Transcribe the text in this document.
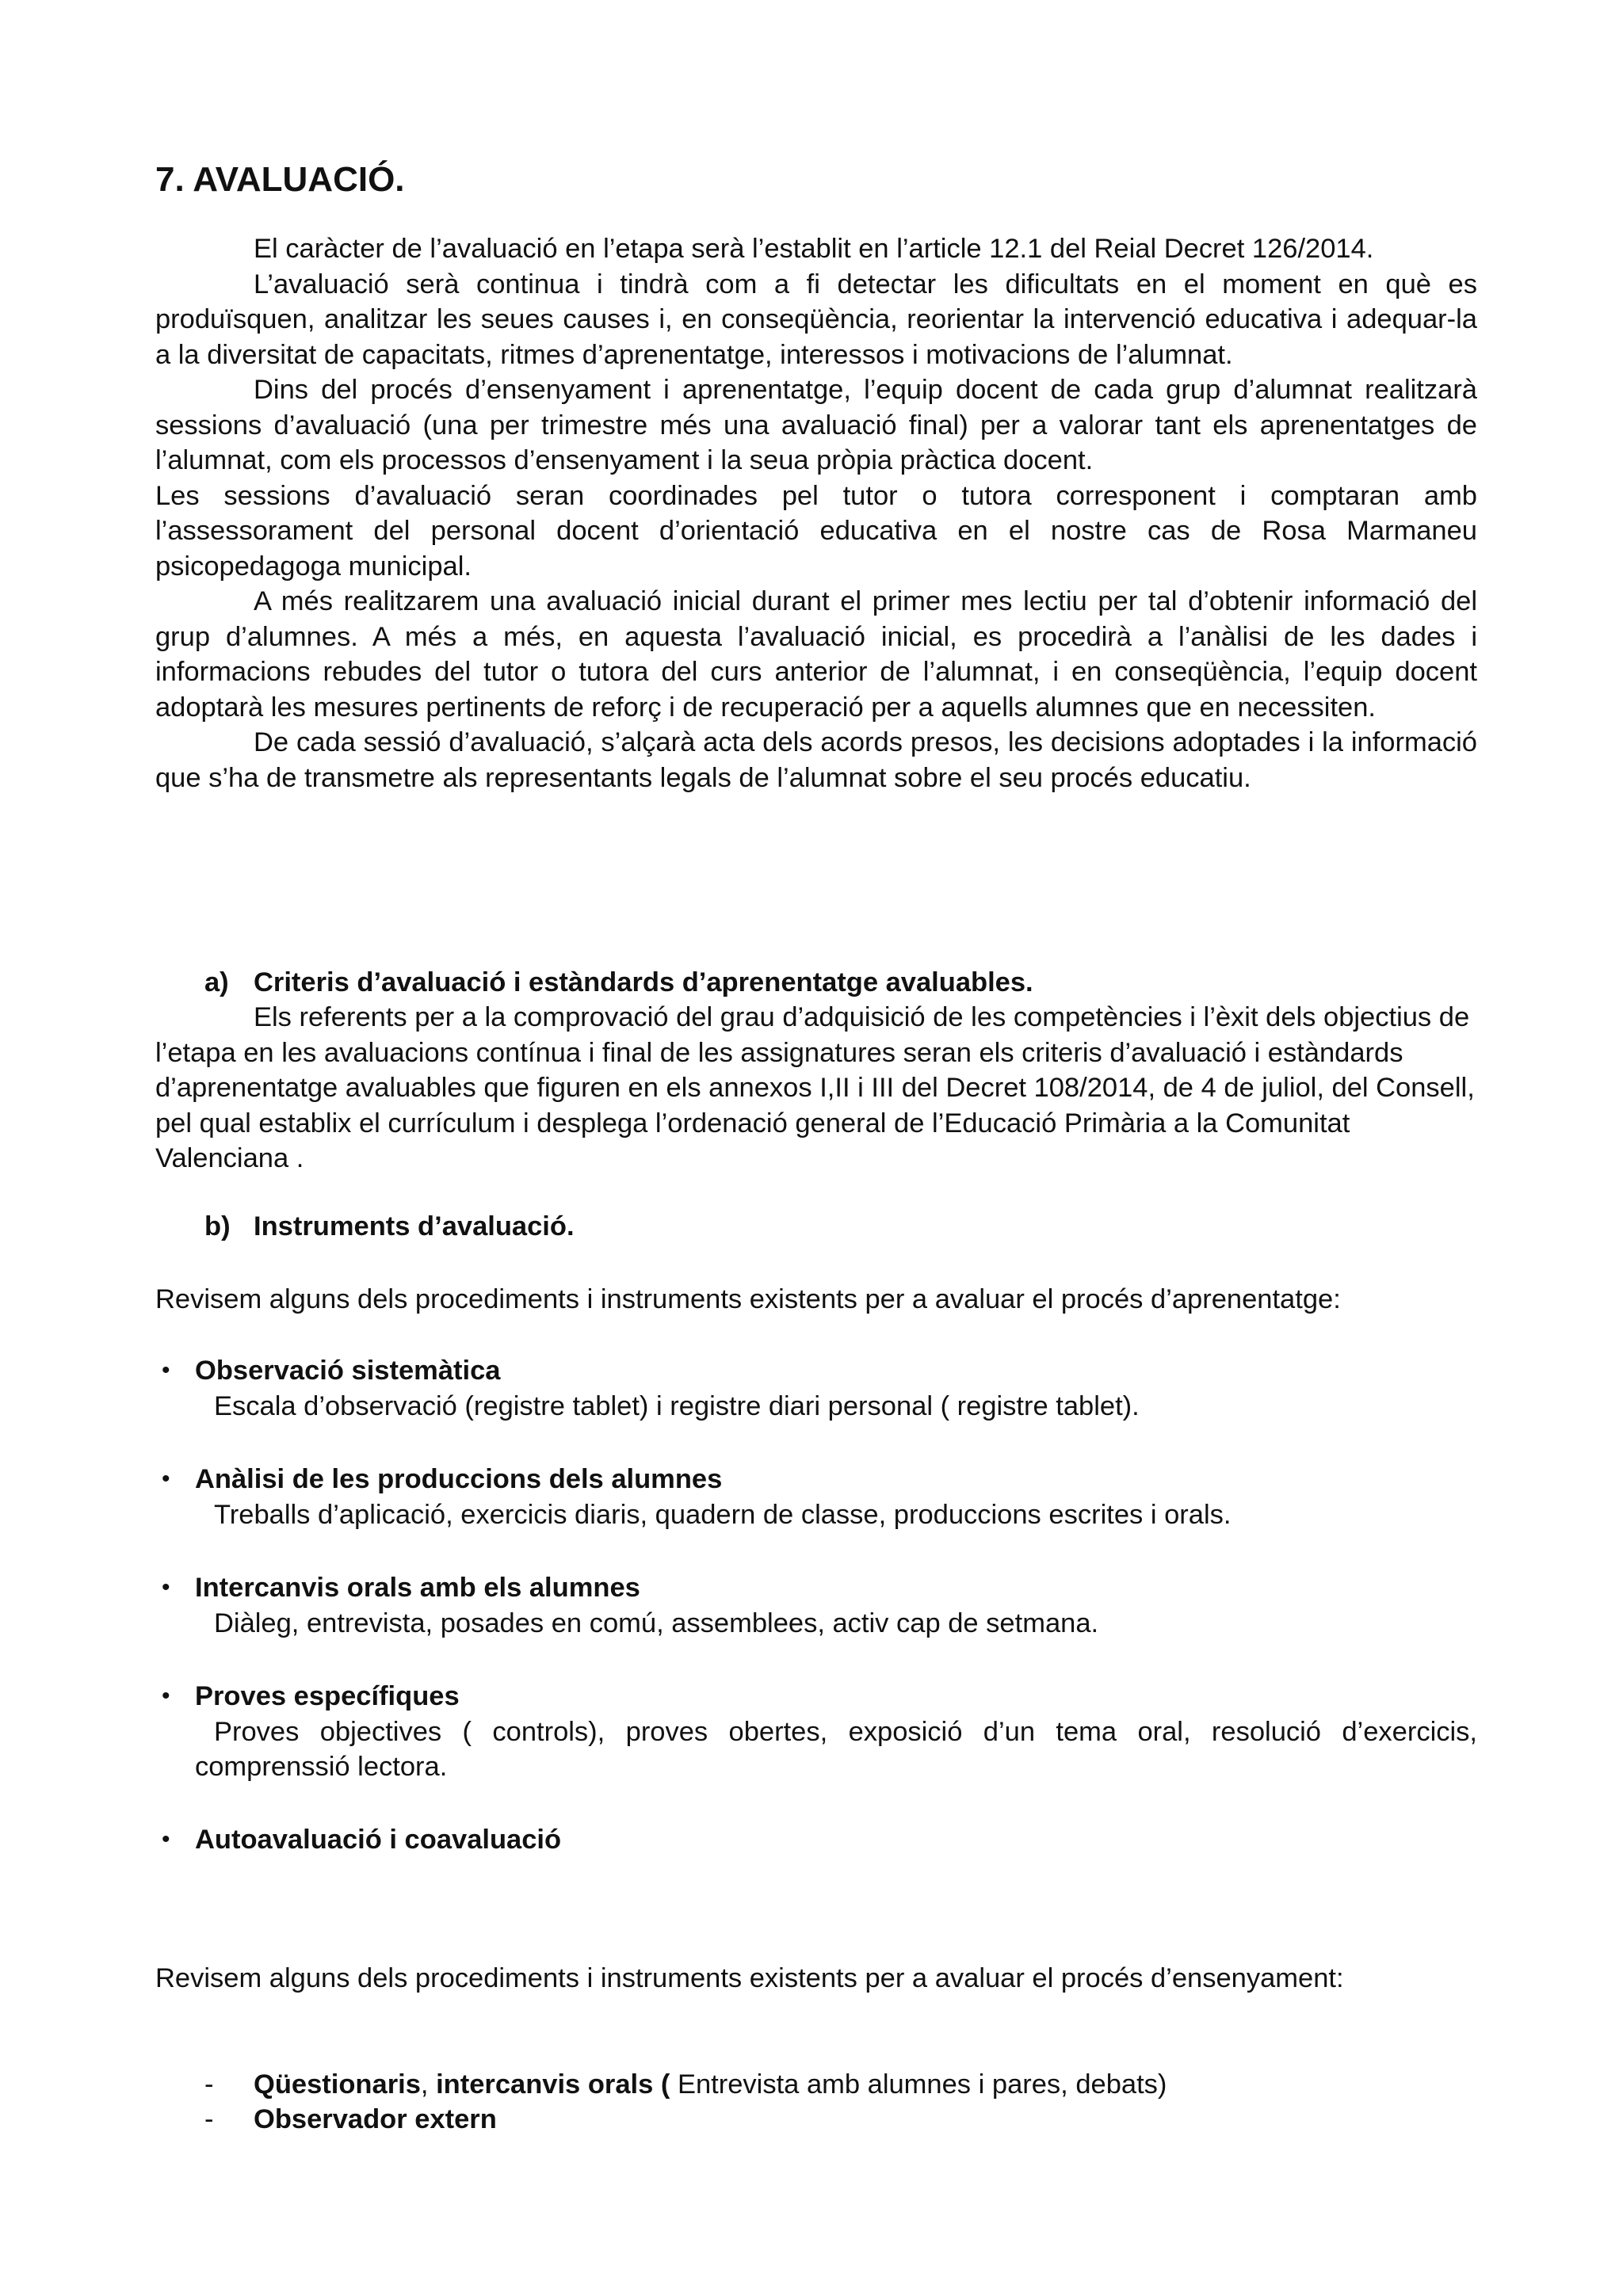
7. AVALUACIÓ.

El caràcter de l’avaluació en l’etapa serà l’establit en l’article 12.1 del Reial Decret 126/2014.

L’avaluació serà continua i tindrà com a fi detectar les dificultats en el moment en què es produïsquen, analitzar les seues causes i, en conseqüència, reorientar la intervenció educativa i adequar-la a la diversitat de capacitats, ritmes d’aprenentatge, interessos i motivacions de l’alumnat.

Dins del procés d’ensenyament i aprenentatge, l’equip docent de cada grup d’alumnat realitzarà sessions d’avaluació (una per trimestre més una avaluació final) per a valorar tant els aprenentatges de l’alumnat, com els processos d’ensenyament i la seua pròpia pràctica docent.

Les sessions d’avaluació seran coordinades pel tutor o tutora corresponent i comptaran amb l’assessorament del personal docent d’orientació educativa en el nostre cas de Rosa Marmaneu psicopedagoga municipal.

A més realitzarem una avaluació inicial durant el primer mes lectiu per tal d’obtenir informació del grup d’alumnes. A més a més, en aquesta l’avaluació inicial, es procedirà a l’anàlisi de les dades i informacions rebudes del tutor o tutora del curs anterior de l’alumnat, i en conseqüència, l’equip docent adoptarà les mesures pertinents de reforç i de recuperació per a aquells alumnes que en necessiten.

De cada sessió d’avaluació, s’alçarà acta dels acords presos, les decisions adoptades i la informació que s’ha de transmetre als representants legals de l’alumnat sobre el seu procés educatiu.

a) Criteris d’avaluació i estàndards d’aprenentatge avaluables.

Els referents per a la comprovació del grau d’adquisició de les competències i l’èxit dels objectius de l’etapa en les avaluacions contínua i final de les assignatures seran els criteris d’avaluació i estàndards d’aprenentatge avaluables que figuren en els annexos I,II i III del Decret 108/2014, de 4 de juliol, del Consell, pel qual establix el currículum i desplega l’ordenació general de l’Educació Primària a la Comunitat Valenciana .

b) Instruments d’avaluació.

Revisem alguns dels procediments i instruments existents per a avaluar el procés d’aprenentatge:

• Observació sistemàtica

Escala d’observació (registre tablet) i registre diari personal ( registre tablet).

• Anàlisi de les produccions dels alumnes

Treballs d’aplicació, exercicis diaris, quadern de classe, produccions escrites i orals.

• Intercanvis orals amb els alumnes

Diàleg, entrevista, posades en comú, assemblees, activ cap de setmana.

• Proves específiques

Proves objectives ( controls), proves obertes, exposició d’un tema oral, resolució d’exercicis, comprenssió lectora.

• Autoavaluació i coavaluació

Revisem alguns dels procediments i instruments existents per a avaluar el procés d’ensenyament:

- Qüestionaris, intercanvis orals ( Entrevista amb alumnes i pares, debats)
- Observador extern
